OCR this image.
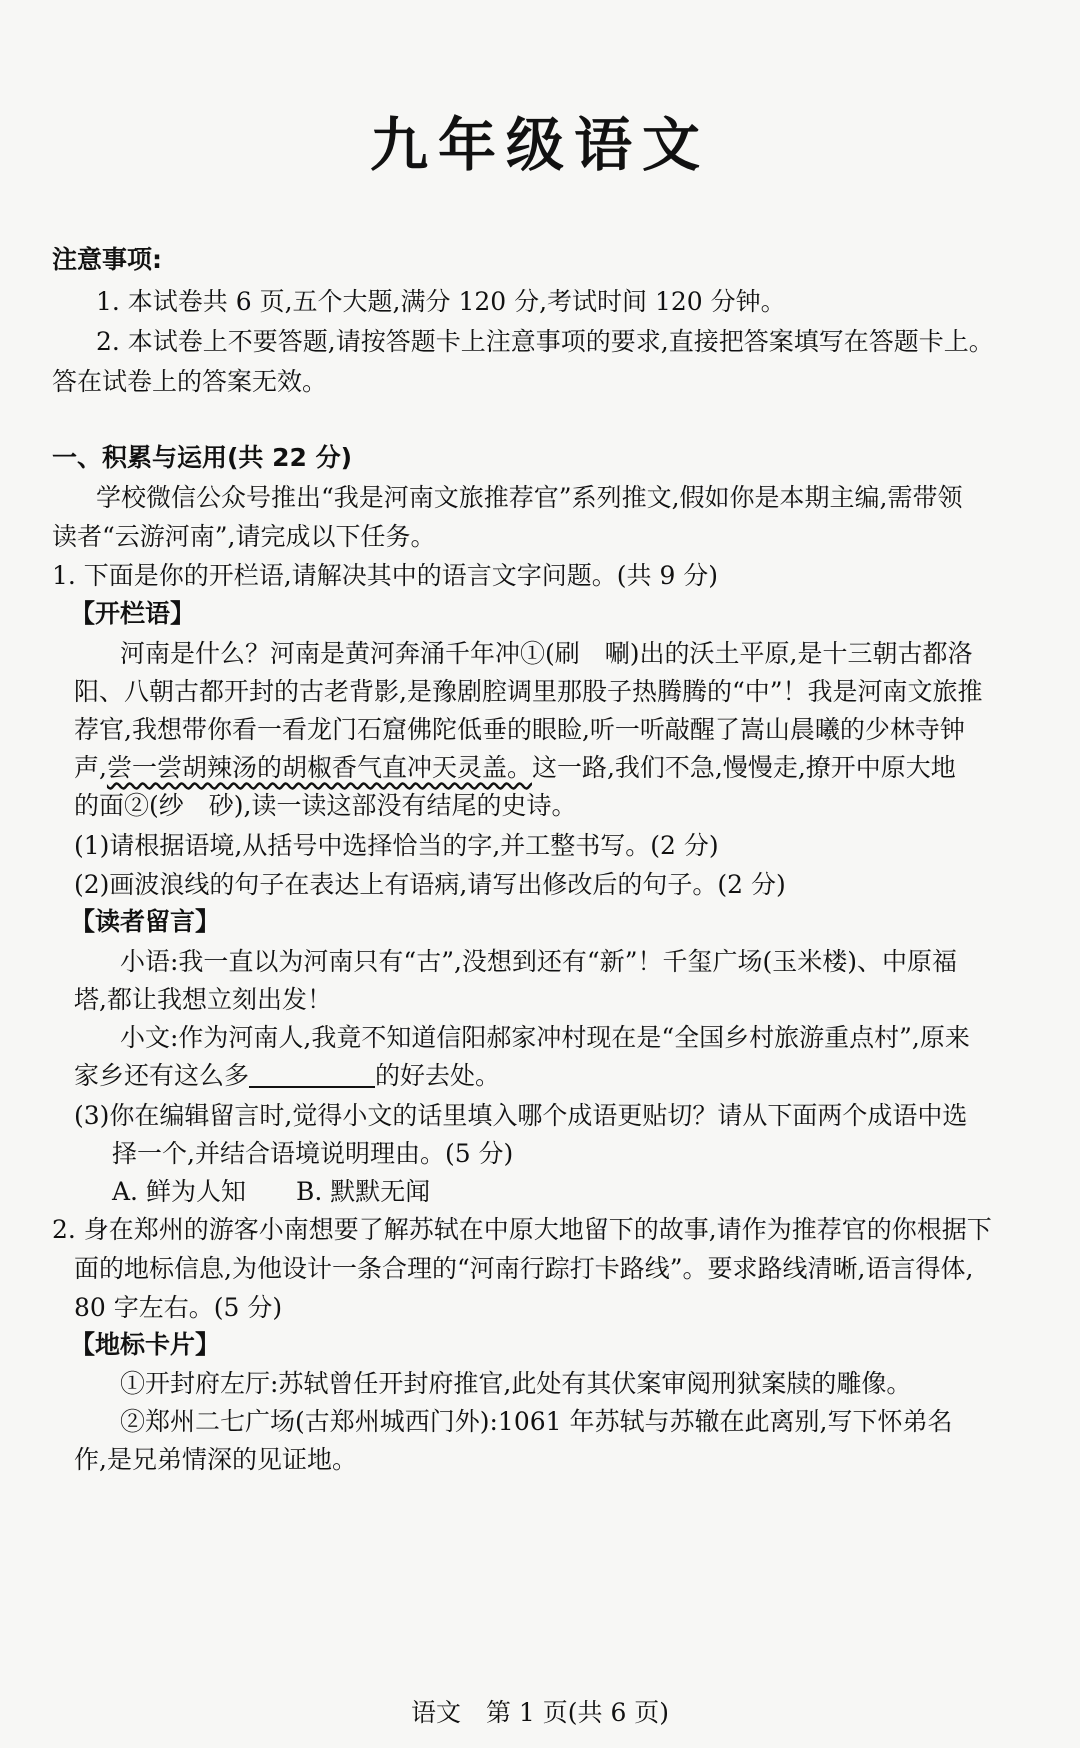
九年级语文
注意事项:
1. 本试卷共 6 页,五个大题,满分 120 分,考试时间 120 分钟。
2. 本试卷上不要答题,请按答题卡上注意事项的要求,直接把答案填写在答题卡上。
答在试卷上的答案无效。
一、积累与运用(共 22 分)
学校微信公众号推出“我是河南文旅推荐官”系列推文,假如你是本期主编,需带领
读者“云游河南”,请完成以下任务。
1. 下面是你的开栏语,请解决其中的语言文字问题。(共 9 分)
【开栏语】
河南是什么？河南是黄河奔涌千年冲①(刷　唰)出的沃土平原,是十三朝古都洛
阳、八朝古都开封的古老背影,是豫剧腔调里那股子热腾腾的“中”！我是河南文旅推
荐官,我想带你看一看龙门石窟佛陀低垂的眼睑,听一听敲醒了嵩山晨曦的少林寺钟
声,尝一尝胡辣汤的胡椒香气直冲天灵盖。这一路,我们不急,慢慢走,撩开中原大地
的面②(纱　砂),读一读这部没有结尾的史诗。
(1)请根据语境,从括号中选择恰当的字,并工整书写。(2 分)
(2)画波浪线的句子在表达上有语病,请写出修改后的句子。(2 分)
【读者留言】
小语:我一直以为河南只有“古”,没想到还有“新”！千玺广场(玉米楼)、中原福
塔,都让我想立刻出发！
小文:作为河南人,我竟不知道信阳郝家冲村现在是“全国乡村旅游重点村”,原来
家乡还有这么多	的好去处。
(3)你在编辑留言时,觉得小文的话里填入哪个成语更贴切？请从下面两个成语中选
择一个,并结合语境说明理由。(5 分)
A. 鲜为人知 B. 默默无闻
2. 身在郑州的游客小南想要了解苏轼在中原大地留下的故事,请作为推荐官的你根据下
面的地标信息,为他设计一条合理的“河南行踪打卡路线”。要求路线清晰,语言得体,
80 字左右。(5 分)
【地标卡片】
①开封府左厅:苏轼曾任开封府推官,此处有其伏案审阅刑狱案牍的雕像。
②郑州二七广场(古郑州城西门外):1061 年苏轼与苏辙在此离别,写下怀弟名
作,是兄弟情深的见证地。
语文　第 1 页(共 6 页)
